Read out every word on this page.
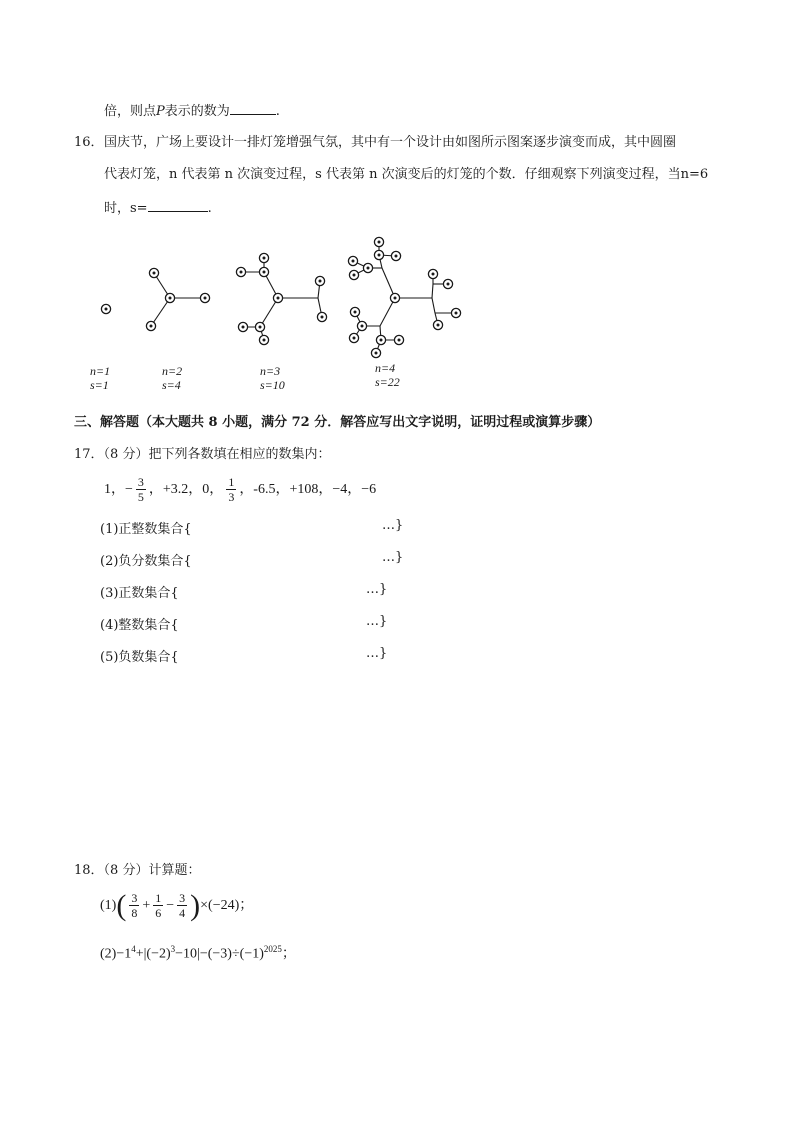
倍，则点P表示的数为	.
16． 国庆节，广场上要设计一排灯笼增强气氛，其中有一个设计由如图所示图案逐步演变而成，其中圆圈
代表灯笼，n 代表第 n 次演变过程，s 代表第 n 次演变后的灯笼的个数．仔细观察下列演变过程，当n=6
时，s=	.
n=1
s=1
n=2
s=4
n=3
s=10
n=4
s=22
三、解答题（本大题共 8 小题，满分 72 分．解答应写出文字说明，证明过程或演算步骤）
17．（8 分）把下列各数填在相应的数集内：
1，− $\frac{3}{5}$ ，+3.2，0， $\frac{1}{3}$ ，-6.5，+108，−4，−6
(1)正整数集合{	…}
(2)负分数集合{	…}
(3)正数集合{	…}
(4)整数集合{	…}
(5)负数集合{	…}
18．（8 分）计算题：
$(1)( \frac{3}{8} + \frac{1}{6} - \frac{3}{4} )\times(-24)$；
$(2)-1^4+|(-2)^3-10|-(-3)\div(-1)^{2025}$；
